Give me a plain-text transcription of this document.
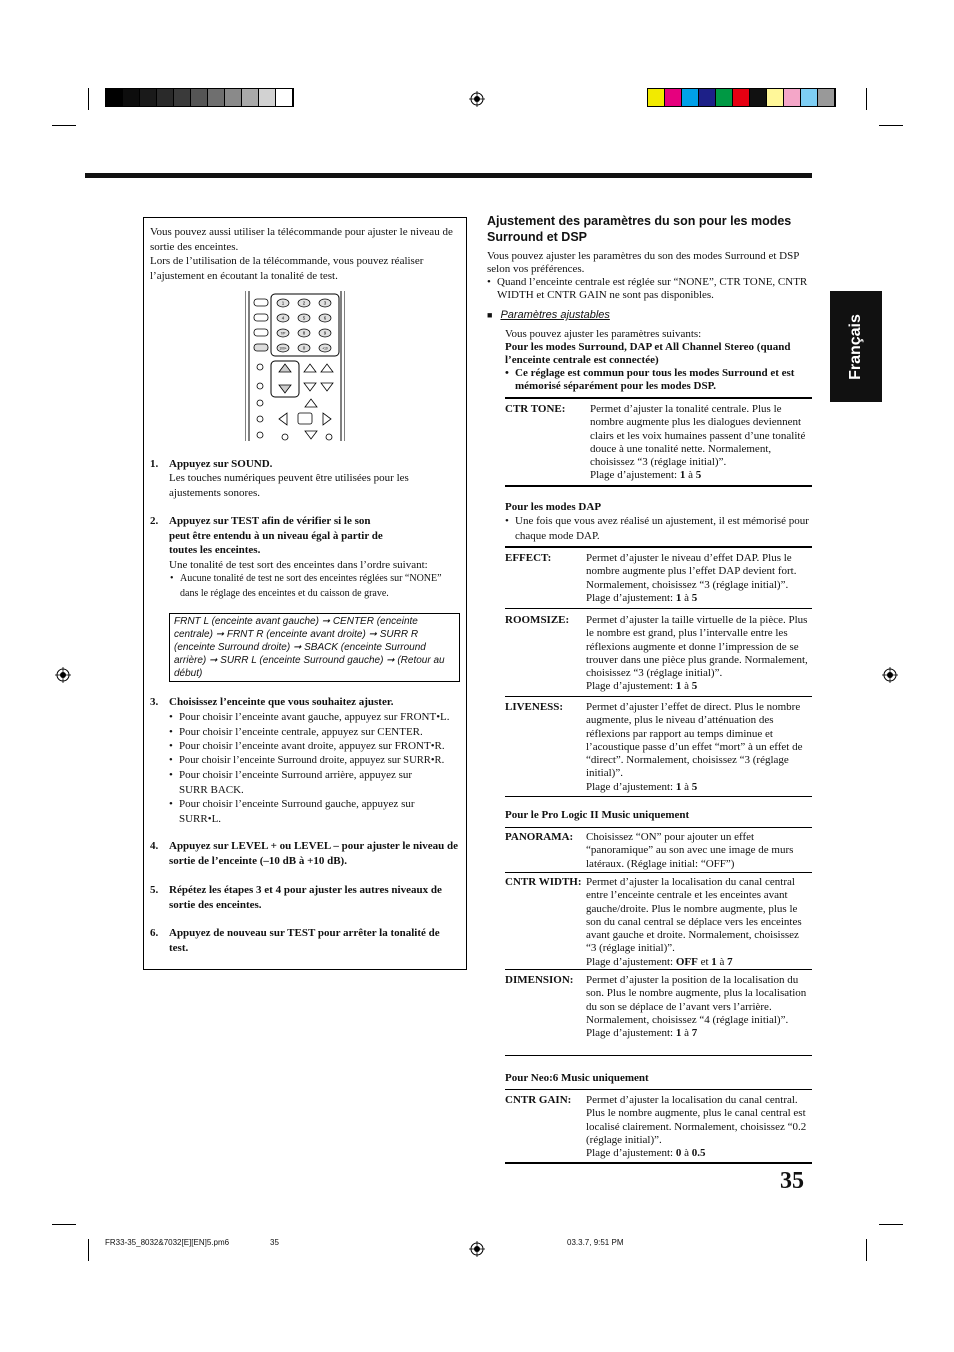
Français

Vous pouvez aussi utiliser la télécommande pour ajuster le niveau de sortie des enceintes.

Lors de l’utilisation de la télécommande, vous pouvez réaliser l’ajustement en écoutant la tonalité de test.

1	2	3
4	5	6
7/P	8	9
100+	0	+10
1. Appuyez sur SOUND.

Les touches numériques peuvent être utilisées pour les ajustements sonores.

2. Appuyez sur TEST afin de vérifier si le son peut être entendu à un niveau égal à partir de toutes les enceintes.

Une tonalité de test sort des enceintes dans l’ordre suivant:

• Aucune tonalité de test ne sort des enceintes réglées sur “NONE” dans le réglage des enceintes et du caisson de grave.
FRNT L (enceinte avant gauche) ➞ CENTER (enceinte centrale) ➞ FRNT R (enceinte avant droite) ➞ SURR R (enceinte Surround droite) ➞ SBACK (enceinte Surround arrière) ➞ SURR L (enceinte Surround gauche) ➞ (Retour au début)
3. Choisissez l’enceinte que vous souhaitez ajuster.

• Pour choisir l’enceinte avant gauche, appuyez sur FRONT•L.
• Pour choisir l’enceinte centrale, appuyez sur CENTER.
• Pour choisir l’enceinte avant droite, appuyez sur FRONT•R.
• Pour choisir l’enceinte Surround droite, appuyez sur SURR•R.
• Pour choisir l’enceinte Surround arrière, appuyez sur SURR BACK.
• Pour choisir l’enceinte Surround gauche, appuyez sur SURR•L.
4. Appuyez sur LEVEL + ou LEVEL – pour ajuster le niveau de sortie de l’enceinte (–10 dB à +10 dB).

5. Répétez les étapes 3 et 4 pour ajuster les autres niveaux de sortie des enceintes.

6. Appuyez de nouveau sur TEST pour arrêter la tonalité de test.

Ajustement des paramètres du son pour les modes Surround et DSP

Vous pouvez ajuster les paramètres du son des modes Surround et DSP selon vos préférences.

• Quand l’enceinte centrale est réglée sur “NONE”, CTR TONE, CNTR WIDTH et CNTR GAIN ne sont pas disponibles.
■ Paramètres ajustables

Vous pouvez ajuster les paramètres suivants:

Pour les modes Surround, DAP et All Channel Stereo (quand l’enceinte centrale est connectée)

• Ce réglage est commun pour tous les modes Surround et est mémorisé séparément pour les modes DSP.
CTR TONE: Permet d’ajuster la tonalité centrale. Plus le nombre augmente plus les dialogues deviennent clairs et les voix humaines passent d’une tonalité douce à une tonalité nette. Normalement, choisissez “3 (réglage initial)”.
Plage d’ajustement: 1 à 5

Pour les modes DAP
• Une fois que vous avez réalisé un ajustement, il est mémorisé pour chaque mode DAP.
EFFECT:	Permet d’ajuster le niveau d’effet DAP. Plus le nombre augmente plus l’effet DAP devient fort. Normalement, choisissez “3 (réglage initial)”.
Plage d’ajustement: 1 à 5

ROOMSIZE: Permet d’ajuster la taille virtuelle de la pièce. Plus le nombre est grand, plus l’intervalle entre les réflexions augmente et donne l’impression de se trouver dans une pièce plus grande. Normalement, choisissez “3 (réglage initial)”.
Plage d’ajustement: 1 à 5

LIVENESS: Permet d’ajuster l’effet de direct. Plus le nombre augmente, plus le niveau d’atténuation des réflexions par rapport au temps diminue et l’acoustique passe d’un effet “mort” à un effet de “direct”. Normalement, choisissez “3 (réglage initial)”.
Plage d’ajustement: 1 à 5

Pour le Pro Logic II Music uniquement
PANORAMA: Choisissez “ON” pour ajouter un effet “panoramique” au son avec une image de murs latéraux. (Réglage initial: “OFF”)

CNTR WIDTH: Permet d’ajuster la localisation du canal central entre l’enceinte centrale et les enceintes avant gauche/droite. Plus le nombre augmente, plus le son du canal central se déplace vers les enceintes avant gauche et droite. Normalement, choisissez “3 (réglage initial)”.
Plage d’ajustement: OFF et 1 à 7

DIMENSION: Permet d’ajuster la position de la localisation du son. Plus le nombre augmente, plus la localisation du son se déplace de l’avant vers l’arrière. Normalement, choisissez “4 (réglage initial)”.
Plage d’ajustement: 1 à 7

Pour Neo:6 Music uniquement
CNTR GAIN: Permet d’ajuster la localisation du canal central. Plus le nombre augmente, plus le canal central est localisé clairement. Normalement, choisissez “0.2 (réglage initial)”.
Plage d’ajustement: 0 à 0.5

35
FR33-35_8032&7032[E][EN]5.pm6	35	03.3.7, 9:51 PM
